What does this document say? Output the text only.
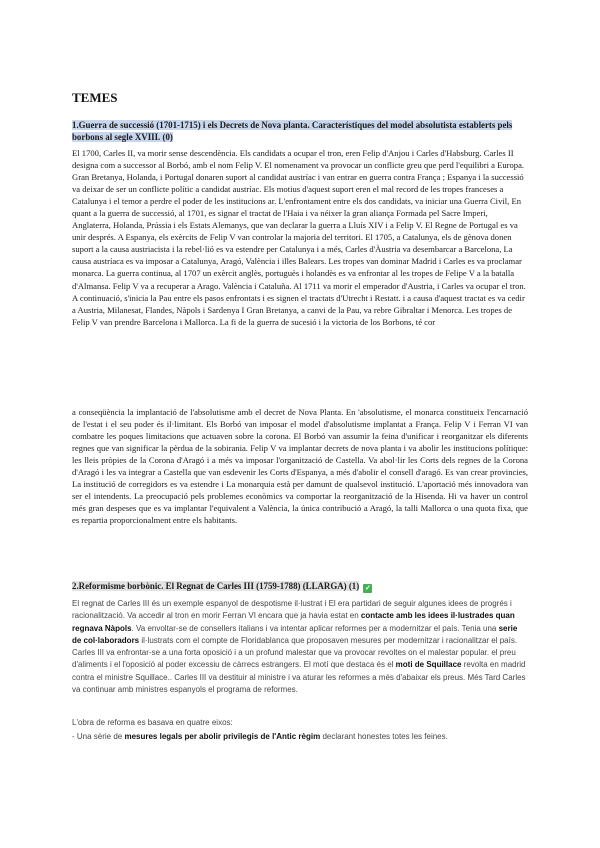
TEMES
1.Guerra de successió (1701-1715) i els Decrets de Nova planta. Característiques del model absolutista establerts pels borbons al segle XVIII. (0)

El 1700, Carles II, va morir sense descendència. Els candidats a ocupar el tron, eren Felip d'Anjou i Carles d'Habsburg. Carles II designa com a successor al Borbó, amb el nom Felip V. El nomenament va provocar un conflicte greu que perd l'equilibri a Europa. Gran Bretanya, Holanda, i Portugal donaren suport al candidat austríac i van entrar en guerra contra França ; Espanya i la successió va deixar de ser un conflicte polític a candidat austríac. Els motius d'aquest suport eren el mal record de les tropes franceses a Catalunya i el temor a perdre el poder de les institucions ar. L'enfrontament entre els dos candidats, va iniciar una Guerra Civil, En quant a la guerra de successió, al 1701, es signar el tractat de l'Haia i va néixer la gran aliança Formada pel Sacre Imperi, Anglaterra, Holanda, Prússia i els Estats Alemanys, que van declarar la guerra a Lluís XIV i a Felip V. El Regne de Portugal es va unir després. A Espanya, els exèrcits de Felip V van controlar la majoria del territori. El 1705, a Catalunya, els de gènova donen suport a la causa austriacista i la rebel·lió es va estendre per Catalunya i a més, Carles d'Àustria va desembarcar a Barcelona, La causa austríaca es va imposar a Catalunya, Aragó, València i illes Balears. Les tropes van dominar Madrid i Carles es va proclamar monarca. La guerra continua, al 1707 un exèrcit anglès, portuguès i holandès es va enfrontar al les tropes de Felipe V a la batalla d'Almansa. Felip V va a recuperar a Arago. València i Cataluña. Al 1711 va morir el emperador d'Austria, i Carles va ocupar el tron. A continuació, s'inicia la Pau entre els pasos enfrontats i es signen el tractats d'Utrecht i Restatt. i a causa d'aquest tractat es va cedir a Austria, Milanesat, Flandes, Nàpols i Sardenya I Gran Bretanya, a canvi de la Pau, va rebre Gibraltar i Menorca. Les tropes de Felip V van prendre Barcelona i Mallorca. La fi de la guerra de sucesió i la victoria de los Borbons, té cor

a conseqüència la implantació de l'absolutisme amb el decret de Nova Planta. En 'absolutisme, el monarca constitueix l'encarnació de l'estat i el seu poder és il·limitant. Els Borbó van imposar el model d'absolutisme implantat a França. Felip V i Ferran VI van combatre les poques limitacions que actuaven sobre la corona. El Borbó van assumir la feina d'unificar i reorganitzar els diferents regnes que van significar la pèrdua de la sobirania. Felip V va implantar decrets de nova planta i va abolir les institucions polítique: les lleis pròpies de la Corona d'Aragó i a més va imposar l'organització de Castella. Va abol·lir les Corts dels regnes de la Corona d'Aragó i les va integrar a Castella que van esdevenir les Corts d'Espanya, a més d'abolir el consell d'aragó. Es van crear provincies, La institució de corregidors es va estendre i La monarquia està per damunt de qualsevol institució. L'aportació més innovadora van ser el intendents. La preocupació pels problemes econòmics va comportar la reorganització de la Hisenda. Hi va haver un control més gran despeses que es va implantar l'equivalent a València, la única contribució a Aragó, la talli Mallorca o una quota fixa, que es repartia proporcionalment entre els habitants.

2.Reformisme borbònic. El Regnat de Carles III (1759-1788) (LLARGA) (1) ✓

El regnat de Carles III és un exemple espanyol de despotisme il·lustrat i El era partidari de seguir algunes idees de progrés i racionalització. Va accedir al tron en morir Ferran VI encara que ja havia estat en contacte amb les idees il·lustrades quan regnava Nàpols. Va envoltar-se de consellers italians i va intentar aplicar reformes per a modernitzar el país. Tenia una serie de col·laboradors il·lustrats com el compte de Floridablanca que proposaven mesures per modernitzar i racionalitzar el país. Carles III va enfrontar-se a una forta oposició i a un profund malestar que va provocar revoltes on el malestar popular. el preu d'aliments i el l'oposició al poder excessiu de càrrecs estrangers. El motí que destaca és el moti de Squillace revolta en madrid contra el ministre Squillace.. Carles III va destituir al ministre i va aturar les reformes a més d'abaixar els preus. Més Tard Carles va continuar amb ministres espanyols el programa de reformes.

L'obra de reforma es basava en quatre eixos:

- Una sèrie de mesures legals per abolir privilegis de l'Antic règim declarant honestes totes les feines.
